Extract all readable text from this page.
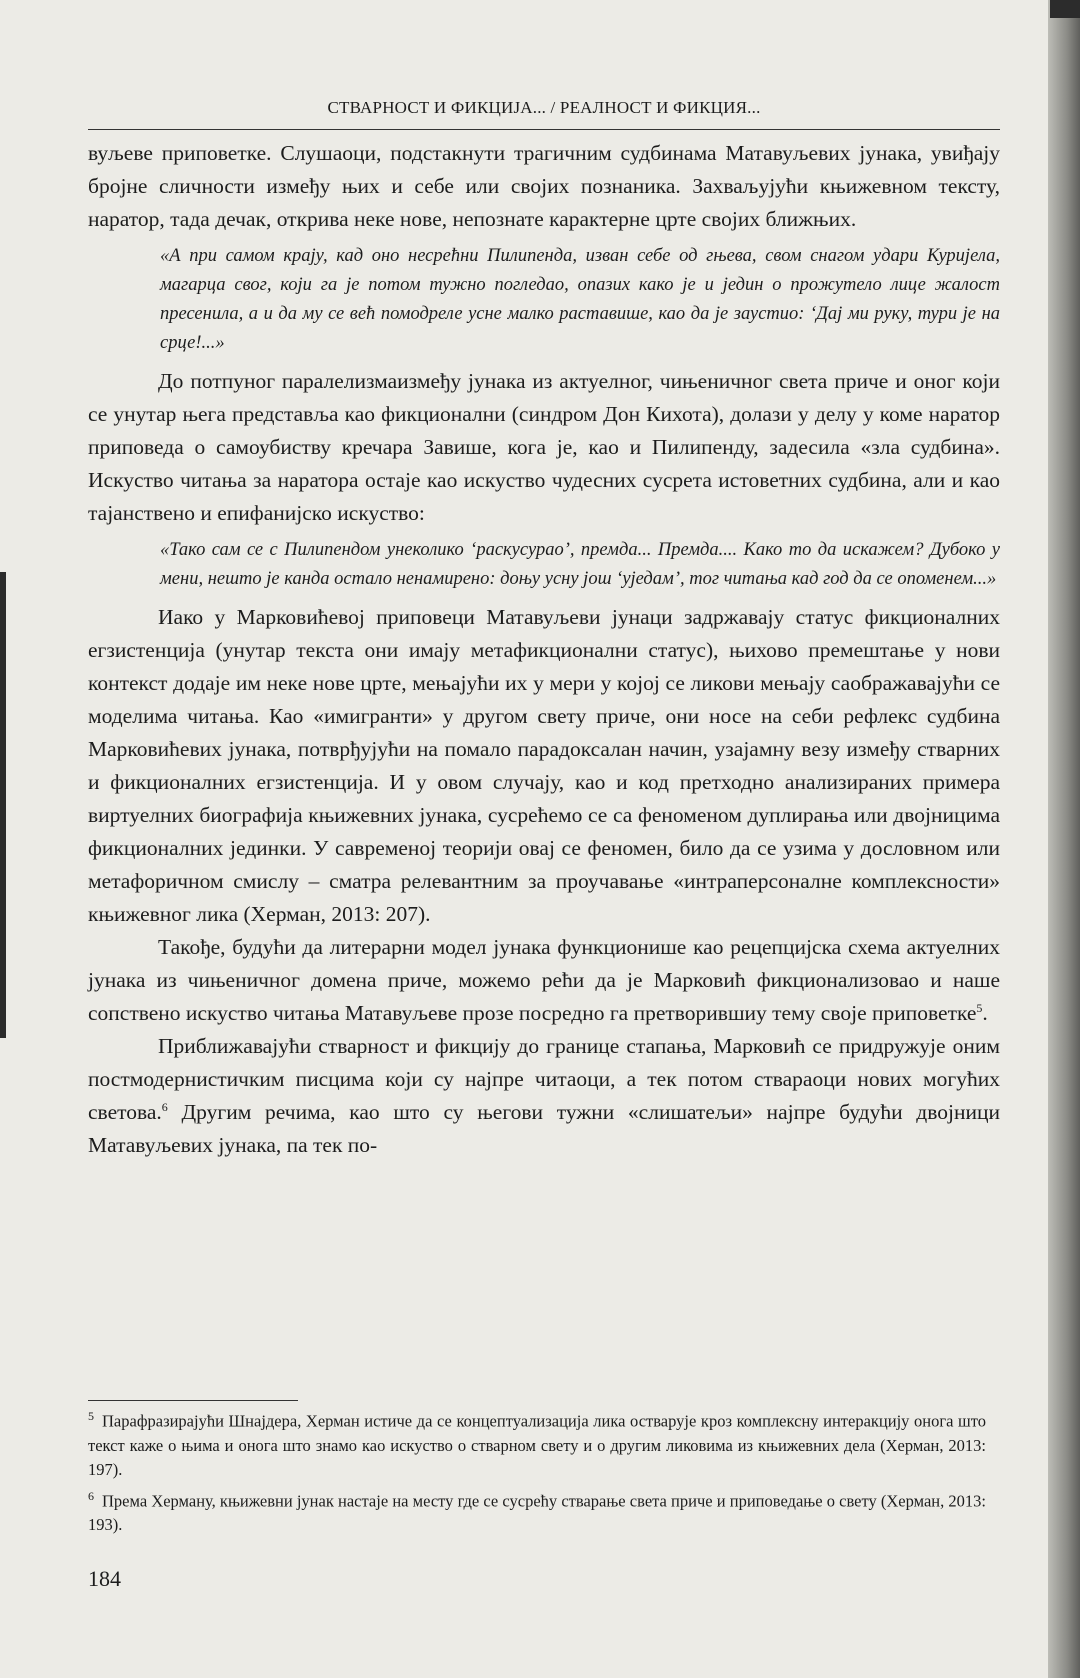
СТВАРНОСТ И ФИКЦИЈА... / РЕАЛНОСТ И ФИКЦИЯ...

вуљеве приповетке. Слушаоци, подстакнути трагичним судбинама Матавуљевих јунака, увиђају бројне сличности између њих и себе или својих познаника. Захваљујући књижевном тексту, наратор, тада дечак, открива неке нове, непознате карактерне црте својих ближњих.

«А при самом крају, кад оно несрећни Пилипенда, изван себе од гњева, свом снагом удари Куријела, магарца свог, који га је потом тужно погледао, опазих како је и једин о прожутело лице жалост пресенила, а и да му се већ помодреле усне малко раставише, као да је заустио: ‘Дај ми руку, тури је на срце!...»

До потпуног паралелизмаизмеђу јунака из актуелног, чињеничног света приче и оног који се унутар њега представља као фикционални (синдром Дон Кихота), долази у делу у коме наратор приповеда о самоубиству кречара Завише, кога је, као и Пилипенду, задесила «зла судбина». Искуство читања за наратора остаје као искуство чудесних сусрета истоветних судбина, али и као тајанствено и епифанијско искуство:

«Тако сам се с Пилипендом унеколико ‘раскусурао’, премда... Премда.... Како то да искажем? Дубоко у мени, нешто је канда остало ненамирено: доњу усну још ‘уједам’, тог читања кад год да се опоменем...»

Иако у Марковићевој приповеци Матавуљеви јунаци задржавају статус фикционалних егзистенција (унутар текста они имају метафикционални статус), њихово премештање у нови контекст додаје им неке нове црте, мењајући их у мери у којој се ликови мењају саображавајући се моделима читања. Као «имигранти» у другом свету приче, они носе на себи рефлекс судбина Марковићевих јунака, потврђујући на помало парадоксалан начин, узајамну везу између стварних и фикционалних егзистенција. И у овом случају, као и код претходно анализираних примера виртуелних биографија књижевних јунака, сусрећемо се са феноменом дуплирања или двојницима фикционалних јединки. У савременој теорији овај се феномен, било да се узима у дословном или метафоричном смислу – сматра релевантним за проучавање «интраперсоналне комплексности» књижевног лика (Херман, 2013: 207).

Такође, будући да литерарни модел јунака функционише као рецепцијска схема актуелних јунака из чињеничног домена приче, можемо рећи да је Марковић фикционализовао и наше сопствено искуство читања Матавуљеве прозе посредно га претворившиу тему своје приповетке$^5$.

Приближавајући стварност и фикцију до границе стапања, Марковић се придружује оним постмодернистичким писцима који су најпре читаоци, а тек потом ствараоци нових могућих светова.$^6$ Другим речима, као што су његови тужни «слишатељи» најпре будући двојници Матавуљевих јунака, па тек по-

$^5$ Парафразирајући Шнајдера, Херман истиче да се концептуализација лика остварује кроз комплексну интеракцију онога што текст каже о њима и онога што знамо као искуство о стварном свету и о другим ликовима из књижевних дела (Херман, 2013: 197).

$^6$ Према Херману, књижевни јунак настаје на месту где се сусрећу стварање света приче и приповедање о свету (Херман, 2013: 193).

184
